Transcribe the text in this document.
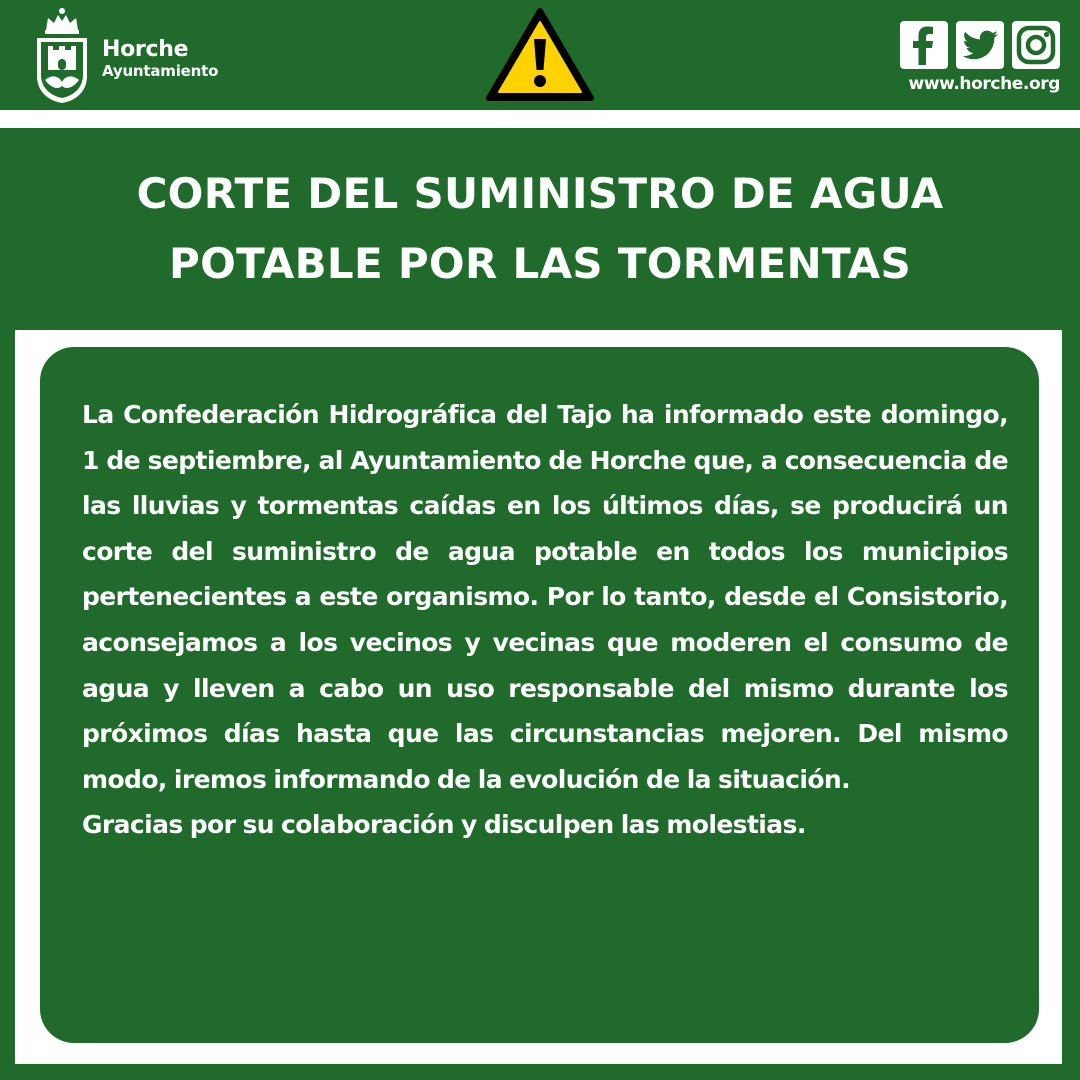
Horche
Ayuntamiento
www.horche.org
CORTE DEL SUMINISTRO DE AGUA
POTABLE POR LAS TORMENTAS

La Confederación Hidrográfica del Tajo ha informado este domingo, 1 de septiembre, al Ayuntamiento de Horche que, a consecuencia de las lluvias y tormentas caídas en los últimos días, se producirá un corte del suministro de agua potable en todos los municipios pertenecientes a este organismo. Por lo tanto, desde el Consistorio, aconsejamos a los vecinos y vecinas que moderen el consumo de agua y lleven a cabo un uso responsable del mismo durante los próximos días hasta que las circunstancias mejoren. Del mismo modo, iremos informando de la evolución de la situación.

Gracias por su colaboración y disculpen las molestias.
